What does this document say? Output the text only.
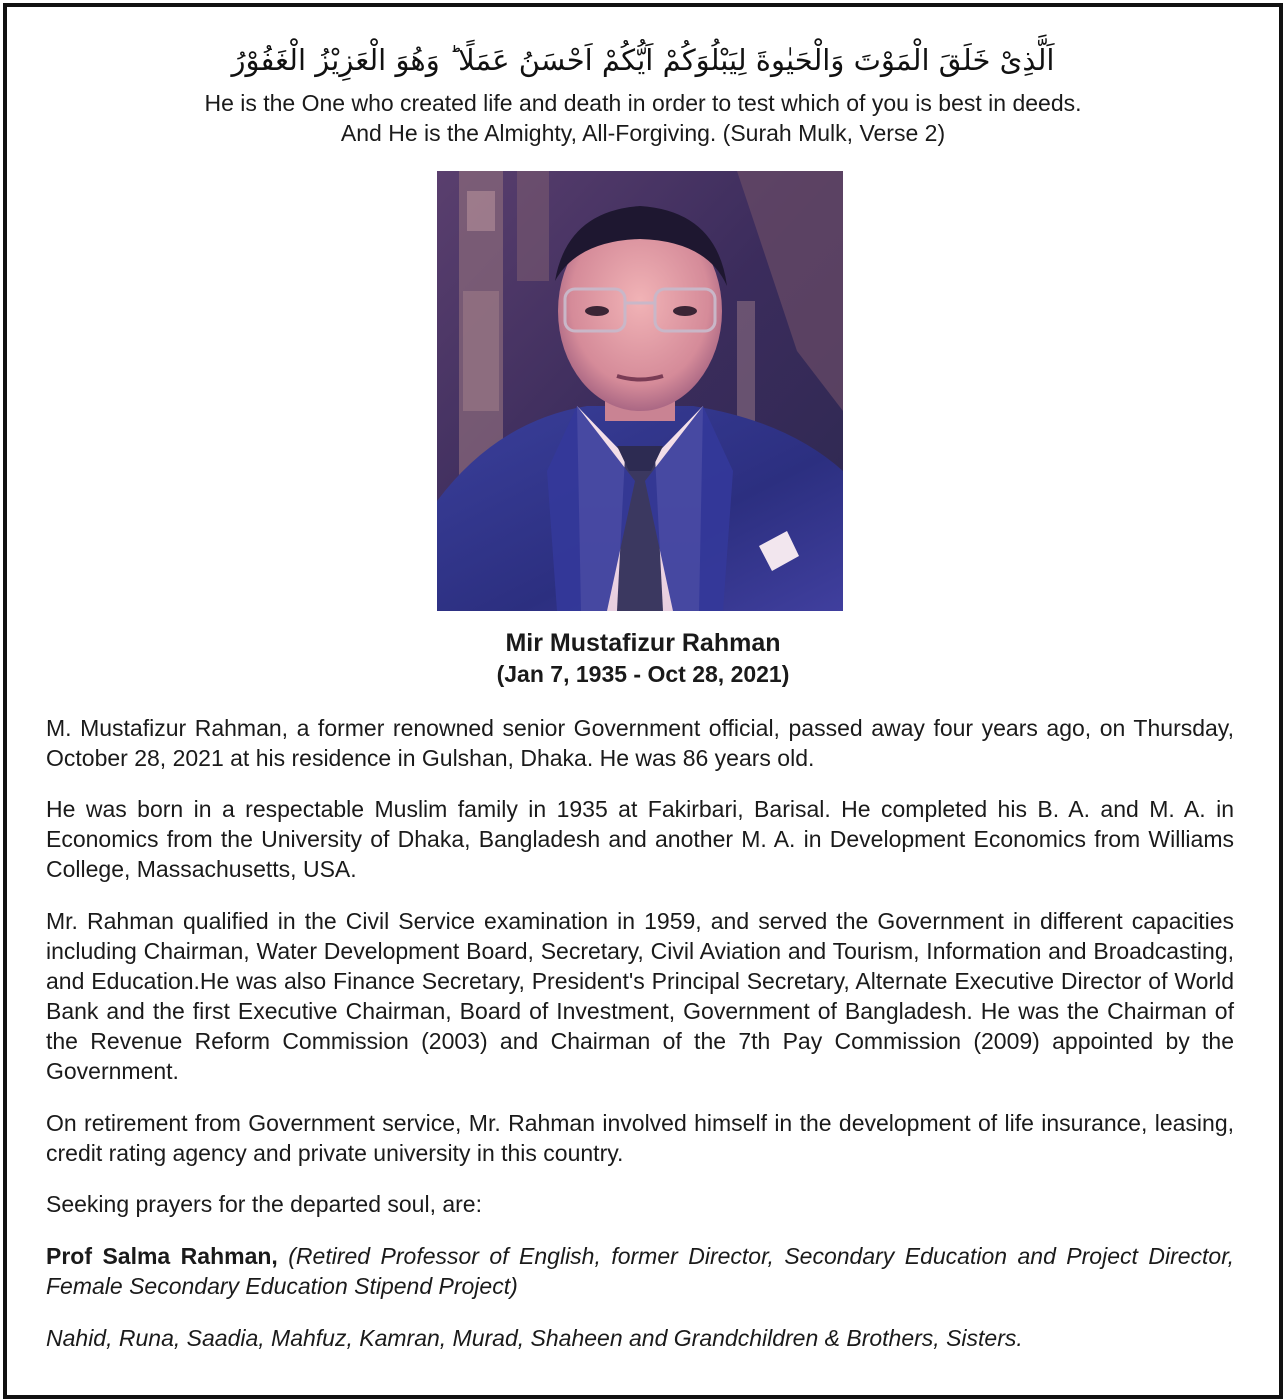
اَلَّذِىْ خَلَقَ الْمَوْتَ وَالْحَيٰوةَ لِيَبْلُوَكُمْ اَيُّكُمْ اَحْسَنُ عَمَلًا ؕ وَهُوَ الْعَزِيْزُ الْغَفُوْرُ
He is the One who created life and death in order to test which of you is best in deeds.
And He is the Almighty, All-Forgiving. (Surah Mulk, Verse 2)
Mir Mustafizur Rahman
(Jan 7, 1935 - Oct 28, 2021)

M. Mustafizur Rahman, a former renowned senior Government official, passed away four years ago, on Thursday, October 28, 2021 at his residence in Gulshan, Dhaka. He was 86 years old.

He was born in a respectable Muslim family in 1935 at Fakirbari, Barisal. He completed his B. A. and M. A. in Economics from the University of Dhaka, Bangladesh and another M. A. in Development Economics from Williams College, Massachusetts, USA.

Mr. Rahman qualified in the Civil Service examination in 1959, and served the Government in different capacities including Chairman, Water Development Board, Secretary, Civil Aviation and Tourism, Information and Broadcasting, and Education.He was also Finance Secretary, President's Principal Secretary, Alternate Executive Director of World Bank and the first Executive Chairman, Board of Investment, Government of Bangladesh. He was the Chairman of the Revenue Reform Commission (2003) and Chairman of the 7th Pay Commission (2009) appointed by the Government.

On retirement from Government service, Mr. Rahman involved himself in the development of life insurance, leasing, credit rating agency and private university in this country.

Seeking prayers for the departed soul, are:

Prof Salma Rahman, (Retired Professor of English, former Director, Secondary Education and Project Director, Female Secondary Education Stipend Project)

Nahid, Runa, Saadia, Mahfuz, Kamran, Murad, Shaheen and Grandchildren & Brothers, Sisters.
